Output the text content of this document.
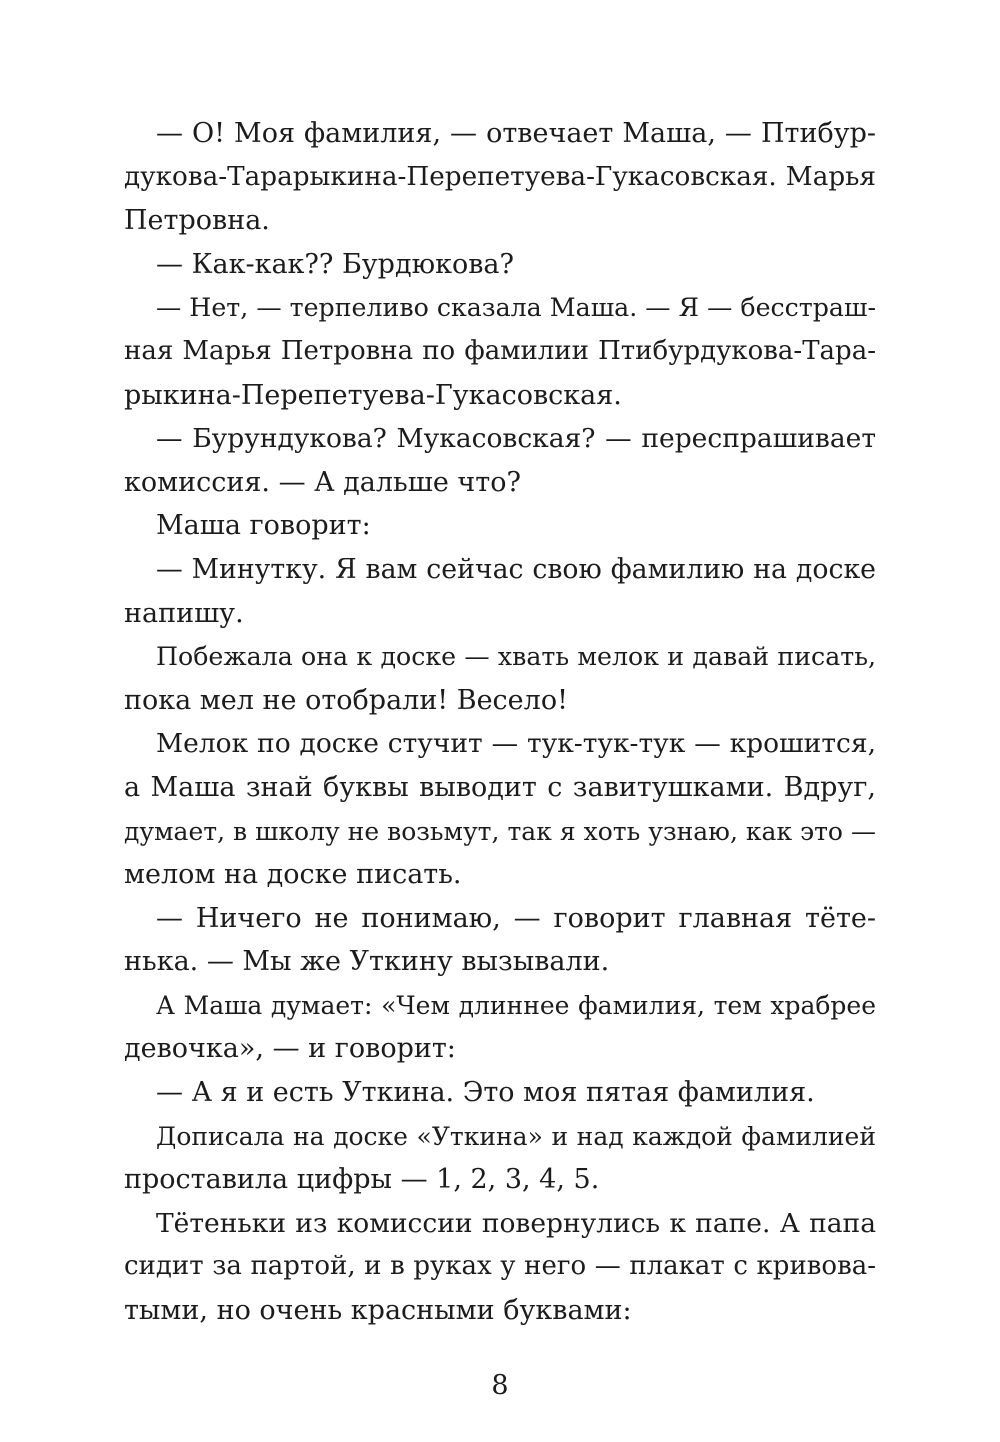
— О! Моя фамилия, — отвечает Маша, — Птибур-
дукова-Тарарыкина-Перепетуева-Гукасовская. Марья
Петровна.
— Как-как?? Бурдюкова?
— Нет, — терпеливо сказала Маша. — Я — бесстраш-
ная Марья Петровна по фамилии Птибурдукова-Тара-
рыкина-Перепетуева-Гукасовская.
— Бурундукова? Мукасовская? — переспрашивает
комиссия. — А дальше что?
Маша говорит:
— Минутку. Я вам сейчас свою фамилию на доске
напишу.
Побежала она к доске — хвать мелок и давай писать,
пока мел не отобрали! Весело!
Мелок по доске стучит — тук-тук-тук — крошится,
а Маша знай буквы выводит с завитушками. Вдруг,
думает, в школу не возьмут, так я хоть узнаю, как это —
мелом на доске писать.
— Ничего не понимаю, — говорит главная тёте-
нька. — Мы же Уткину вызывали.
А Маша думает: «Чем длиннее фамилия, тем храбрее
девочка», — и говорит:
— А я и есть Уткина. Это моя пятая фамилия.
Дописала на доске «Уткина» и над каждой фамилией
проставила цифры — 1, 2, 3, 4, 5.
Тётеньки из комиссии повернулись к папе. А папа
сидит за партой, и в руках у него — плакат с кривова-
тыми, но очень красными буквами:
8
